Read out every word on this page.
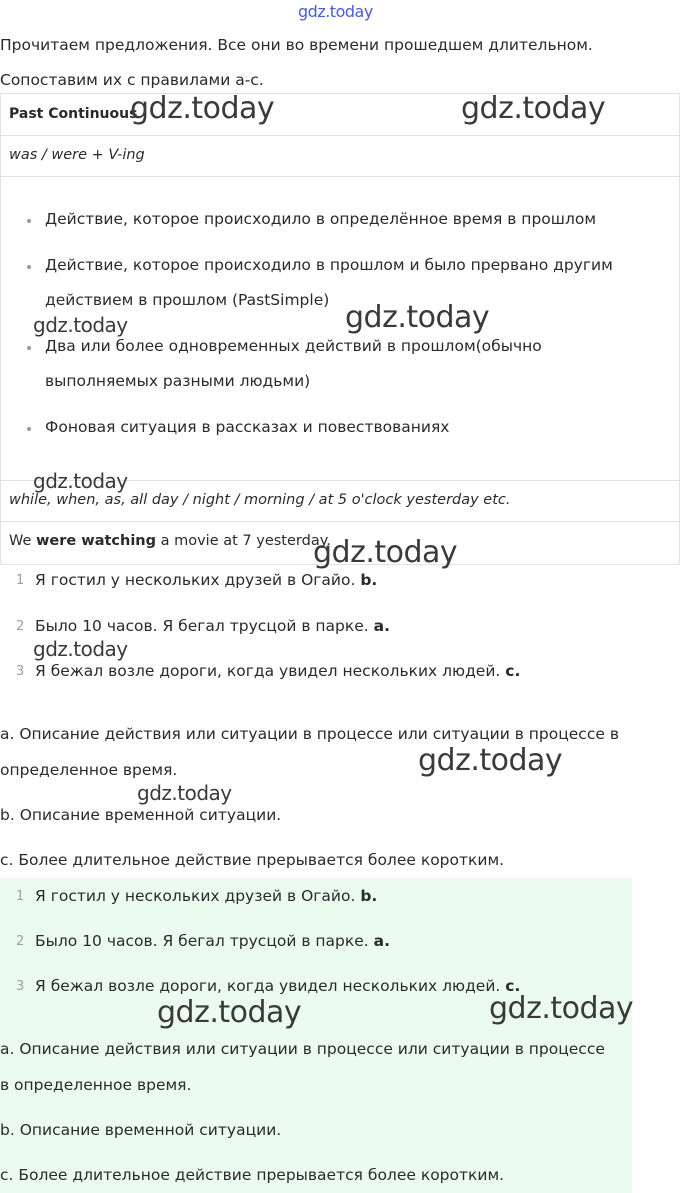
gdz.today
Прочитаем предложения. Все они во времени прошедшем длительном.
Сопоставим их с правилами a-c.
Past Continuous
was / were + V-ing
Действие, которое происходило в определённое время в прошлом
Действие, которое происходило в прошлом и было прервано другим
действием в прошлом (PastSimple)
Два или более одновременных действий в прошлом(обычно
выполняемых разными людьми)
Фоновая ситуация в рассказах и повествованиях
while, when, as, all day / night / morning / at 5 o'clock yesterday etc.
We were watching a movie at 7 yesterday.
1 Я гостил у нескольких друзей в Огайо. b.
2 Было 10 часов. Я бегал трусцой в парке. a.
3 Я бежал возле дороги, когда увидел нескольких людей. c.
a. Описание действия или ситуации в процессе или ситуации в процессе в
определенное время.
b. Описание временной ситуации.
c. Более длительное действие прерывается более коротким.
1 Я гостил у нескольких друзей в Огайо. b.
2 Было 10 часов. Я бегал трусцой в парке. a.
3 Я бежал возле дороги, когда увидел нескольких людей. c.
a. Описание действия или ситуации в процессе или ситуации в процессе
в определенное время.
b. Описание временной ситуации.
c. Более длительное действие прерывается более коротким.
gdz.today	gdz.today
gdz.today	gdz.today
gdz.today
gdz.today
gdz.today
gdz.today
gdz.today
gdz.today	gdz.today
